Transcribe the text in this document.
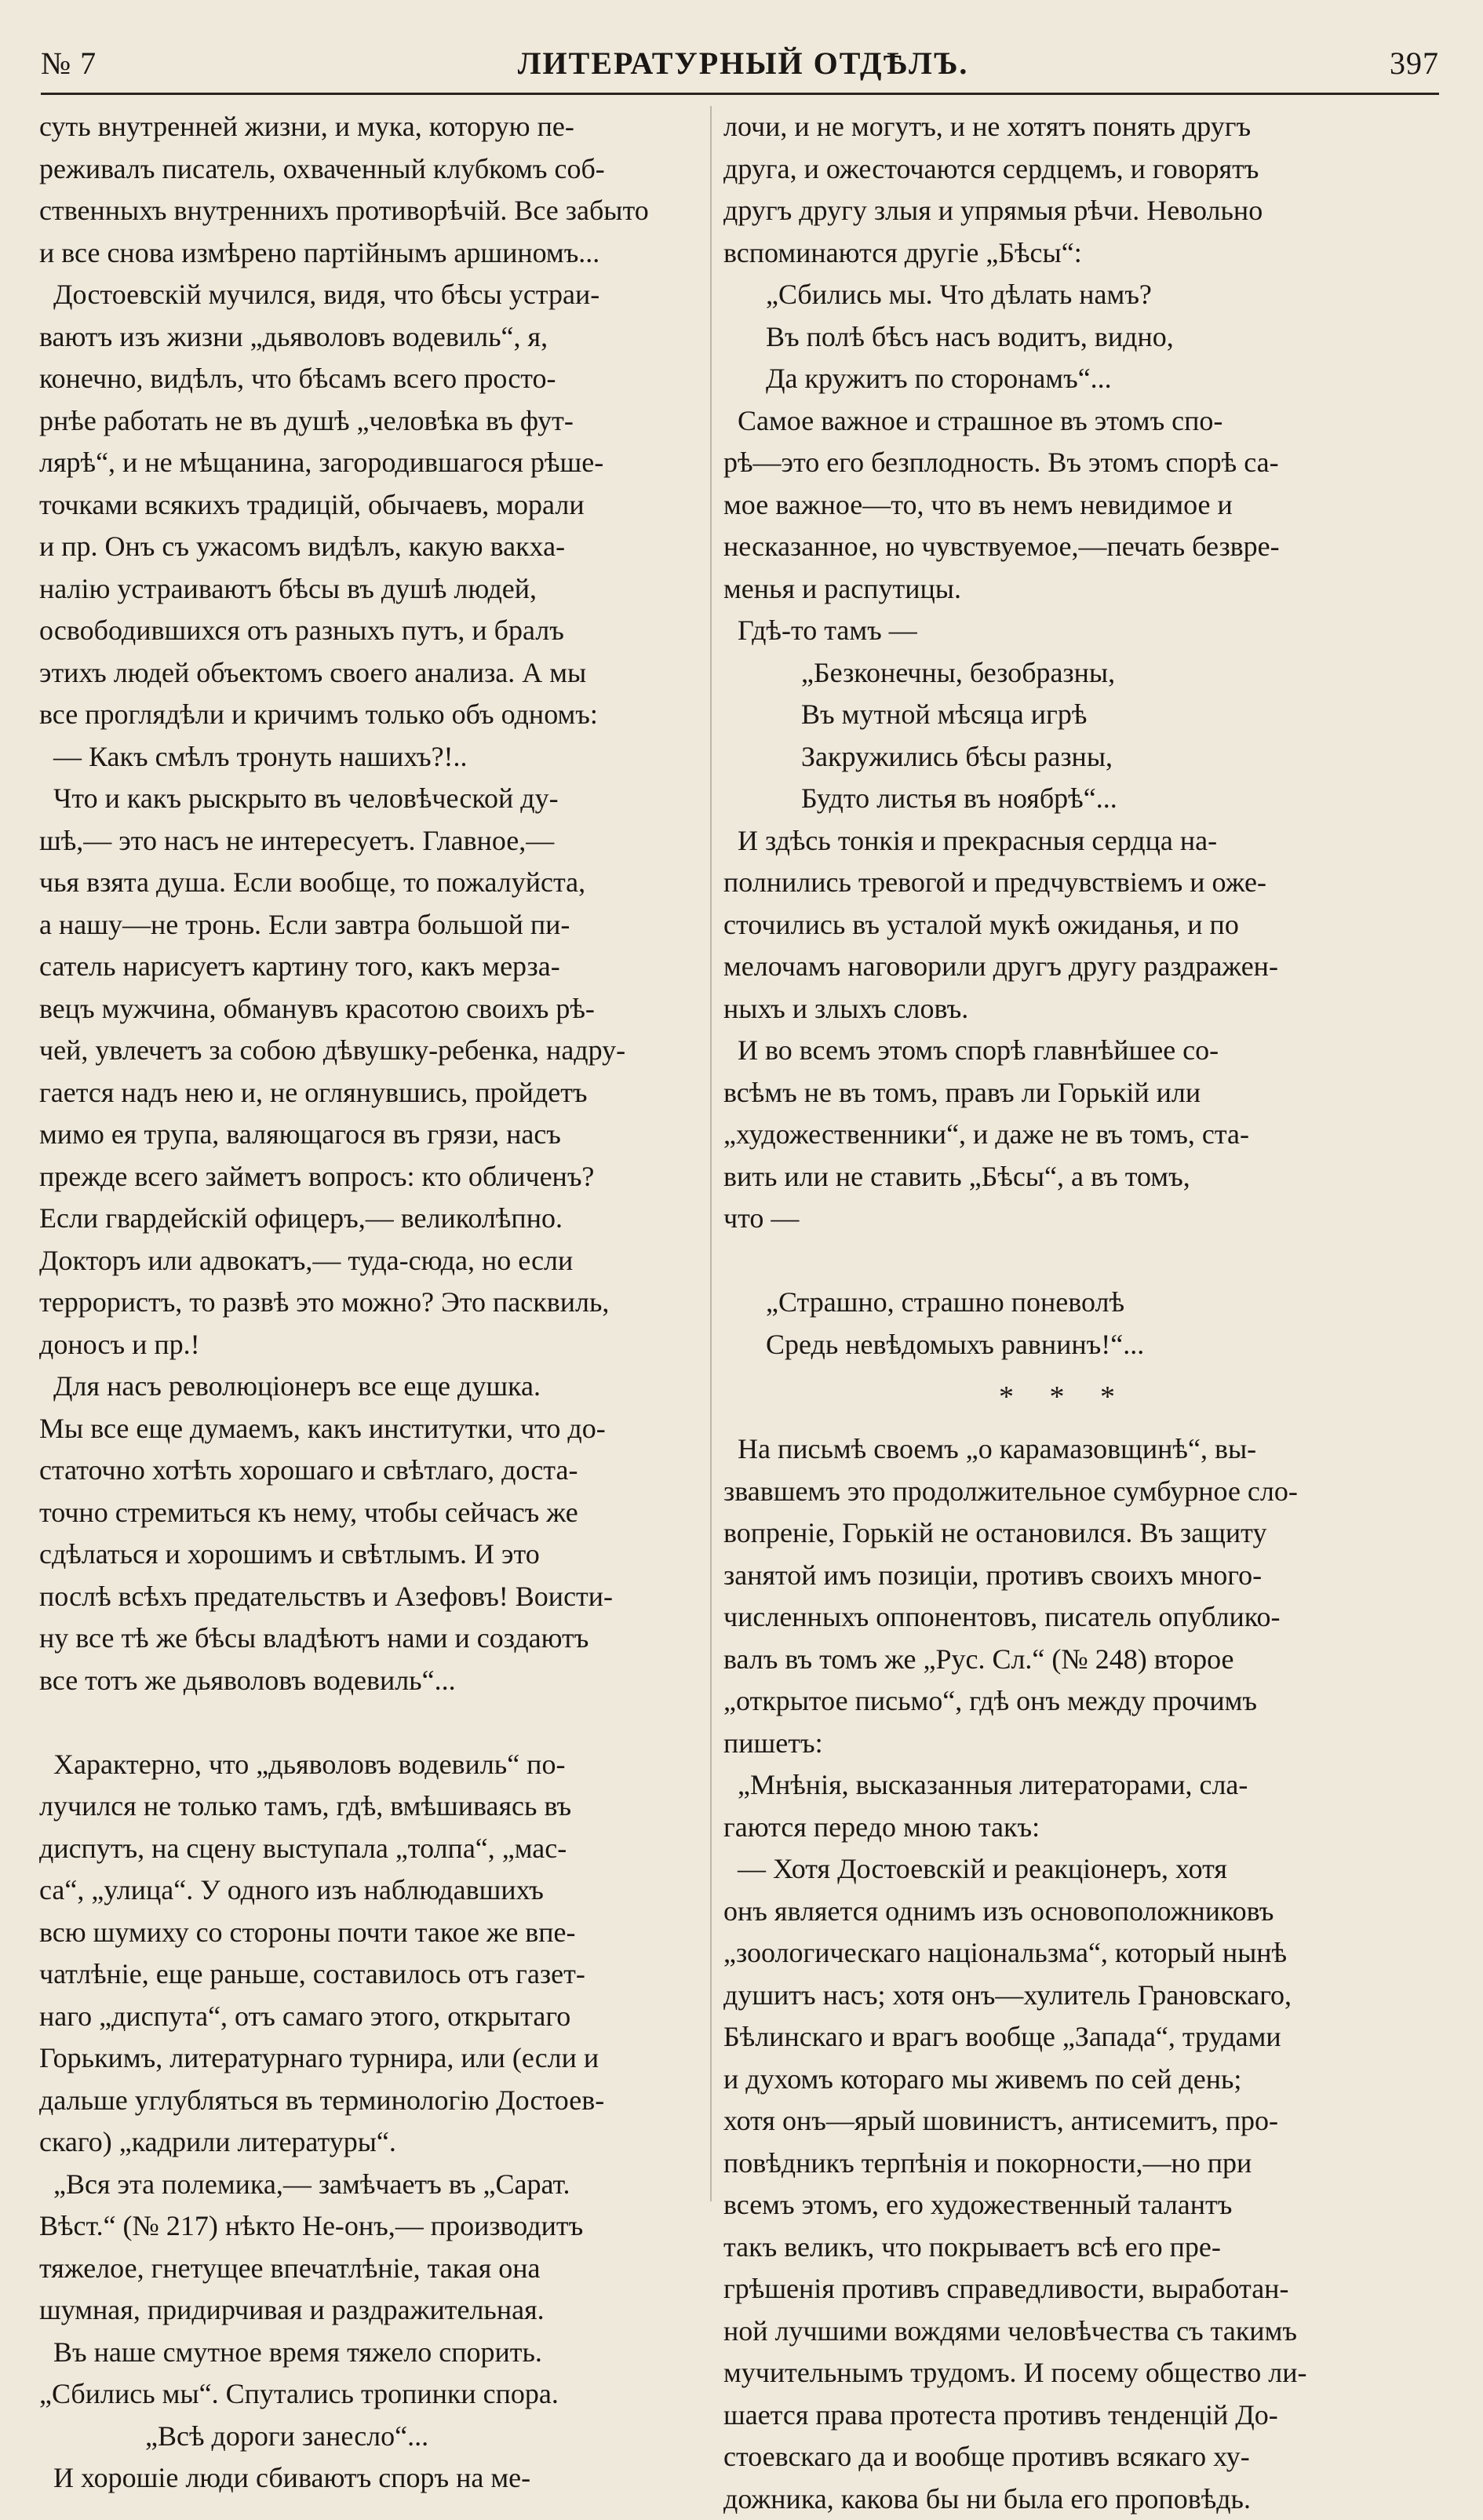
№ 7	ЛИТЕРАТУРНЫЙ ОТДѢЛЪ.	397
суть внутренней жизни, и мука, которую пе-
реживалъ писатель, охваченный клубкомъ соб-
ственныхъ внутреннихъ противорѣчій. Все забыто
и все снова измѣрено партійнымъ аршиномъ...
Достоевскій мучился, видя, что бѣсы устраи-
ваютъ изъ жизни „дьяволовъ водевиль“, я,
конечно, видѣлъ, что бѣсамъ всего просто-
рнѣе работать не въ душѣ „человѣка въ фут-
лярѣ“, и не мѣщанина, загородившагося рѣше-
точками всякихъ традицій, обычаевъ, морали
и пр. Онъ съ ужасомъ видѣлъ, какую вакха-
налію устраиваютъ бѣсы въ душѣ людей,
освободившихся отъ разныхъ путъ, и бралъ
этихъ людей объектомъ своего анализа. А мы
все проглядѣли и кричимъ только объ одномъ:
— Какъ смѣлъ тронуть нашихъ?!..
Что и какъ рыскрыто въ человѣческой ду-
шѣ,— это насъ не интересуетъ. Главное,—
чья взята душа. Если вообще, то пожалуйста,
а нашу—не тронь. Если завтра большой пи-
сатель нарисуетъ картину того, какъ мерза-
вецъ мужчина, обманувъ красотою своихъ рѣ-
чей, увлечетъ за собою дѣвушку-ребенка, надру-
гается надъ нею и, не оглянувшись, пройдетъ
мимо ея трупа, валяющагося въ грязи, насъ
прежде всего займетъ вопросъ: кто обличенъ?
Если гвардейскій офицеръ,— великолѣпно.
Докторъ или адвокатъ,— туда-сюда, но если
террористъ, то развѣ это можно? Это пасквиль,
доносъ и пр.!
Для насъ революціонеръ все еще душка.
Мы все еще думаемъ, какъ институтки, что до-
статочно хотѣть хорошаго и свѣтлаго, доста-
точно стремиться къ нему, чтобы сейчасъ же
сдѣлаться и хорошимъ и свѣтлымъ. И это
послѣ всѣхъ предательствъ и Азефовъ! Воисти-
ну все тѣ же бѣсы владѣютъ нами и создаютъ
все тотъ же дьяволовъ водевиль“...
Характерно, что „дьяволовъ водевиль“ по-
лучился не только тамъ, гдѣ, вмѣшиваясь въ
диспутъ, на сцену выступала „толпа“, „мас-
са“, „улица“. У одного изъ наблюдавшихъ
всю шумиху со стороны почти такое же впе-
чатлѣніе, еще раньше, составилось отъ газет-
наго „диспута“, отъ самаго этого, открытаго
Горькимъ, литературнаго турнира, или (если и
дальше углубляться въ терминологію Достоев-
скаго) „кадрили литературы“.
„Вся эта полемика,— замѣчаетъ въ „Сарат.
Вѣст.“ (№ 217) нѣкто Не-онъ,— производитъ
тяжелое, гнетущее впечатлѣніе, такая она
шумная, придирчивая и раздражительная.
Въ наше смутное время тяжело спорить.
„Сбились мы“. Спутались тропинки спора.
„Всѣ дороги занесло“...
И хорошіе люди сбиваютъ споръ на ме-
лочи, и не могутъ, и не хотятъ понять другъ
друга, и ожесточаются сердцемъ, и говорятъ
другъ другу злыя и упрямыя рѣчи. Невольно
вспоминаются другіе „Бѣсы“:
„Сбились мы. Что дѣлать намъ?
Въ полѣ бѣсъ насъ водитъ, видно,
Да кружитъ по сторонамъ“...
Самое важное и страшное въ этомъ спо-
рѣ—это его безплодность. Въ этомъ спорѣ са-
мое важное—то, что въ немъ невидимое и
несказанное, но чувствуемое,—печать безвре-
менья и распутицы.
Гдѣ-то тамъ —
„Безконечны, безобразны,
Въ мутной мѣсяца игрѣ
Закружились бѣсы разны,
Будто листья въ ноябрѣ“...
И здѣсь тонкія и прекрасныя сердца на-
полнились тревогой и предчувствіемъ и оже-
сточились въ усталой мукѣ ожиданья, и по
мелочамъ наговорили другъ другу раздражен-
ныхъ и злыхъ словъ.
И во всемъ этомъ спорѣ главнѣйшее со-
всѣмъ не въ томъ, правъ ли Горькій или
„художественники“, и даже не въ томъ, ста-
вить или не ставить „Бѣсы“, а въ томъ,
что —
„Страшно, страшно поневолѣ
Средь невѣдомыхъ равнинъ!“...
* * *
На письмѣ своемъ „о карамазовщинѣ“, вы-
звавшемъ это продолжительное сумбурное сло-
вопреніе, Горькій не остановился. Въ защиту
занятой имъ позиціи, противъ своихъ много-
численныхъ оппонентовъ, писатель опублико-
валъ въ томъ же „Рус. Сл.“ (№ 248) второе
„открытое письмо“, гдѣ онъ между прочимъ
пишетъ:
„Мнѣнія, высказанныя литераторами, сла-
гаются передо мною такъ:
— Хотя Достоевскій и реакціонеръ, хотя
онъ является однимъ изъ основоположниковъ
„зоологическаго національзма“, который нынѣ
душитъ насъ; хотя онъ—хулитель Грановскаго,
Бѣлинскаго и врагъ вообще „Запада“, трудами
и духомъ котораго мы живемъ по сей день;
хотя онъ—ярый шовинистъ, антисемитъ, про-
повѣдникъ терпѣнія и покорности,—но при
всемъ этомъ, его художественный талантъ
такъ великъ, что покрываетъ всѣ его пре-
грѣшенія противъ справедливости, выработан-
ной лучшими вождями человѣчества съ такимъ
мучительнымъ трудомъ. И посему общество ли-
шается права протеста противъ тенденцій До-
стоевскаго да и вообще противъ всякаго ху-
дожника, какова бы ни была его проповѣдь.
